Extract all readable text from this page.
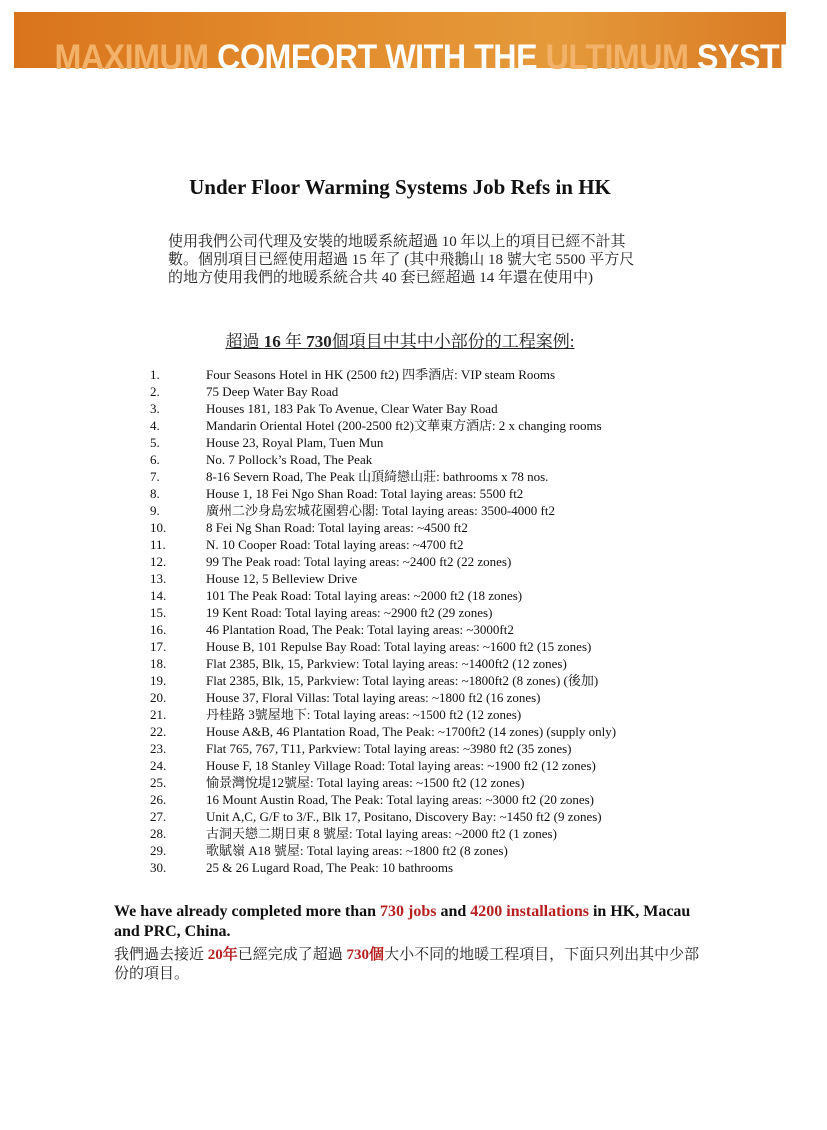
MAXIMUM COMFORT WITH THE ULTIMUM SYSTEM
Under Floor Warming Systems Job Refs in HK

使用我們公司代理及安裝的地暖系統超過 10 年以上的項目已經不計其數。個別項目已經使用超過 15 年了 (其中飛鵝山 18 號大宅 5500 平方尺的地方使用我們的地暖系統合共 40 套已經超過 14 年還在使用中)

超過 16 年 730個項目中其中小部份的工程案例:

1.	Four Seasons Hotel in HK (2500 ft2) 四季酒店: VIP steam Rooms
2.	75 Deep Water Bay Road
3.	Houses 181, 183 Pak To Avenue, Clear Water Bay Road
4.	Mandarin Oriental Hotel (200-2500 ft2)文華東方酒店: 2 x changing rooms
5.	House 23, Royal Plam, Tuen Mun
6.	No. 7 Pollock’s Road, The Peak
7.	8-16 Severn Road, The Peak 山頂綺戀山莊: bathrooms x 78 nos.
8.	House 1, 18 Fei Ngo Shan Road: Total laying areas: 5500 ft2
9.	廣州二沙身島宏城花園碧心閣: Total laying areas: 3500-4000 ft2
10.	8 Fei Ng Shan Road: Total laying areas: ~4500 ft2
11.	N. 10 Cooper Road: Total laying areas: ~4700 ft2
12.	99 The Peak road: Total laying areas: ~2400 ft2 (22 zones)
13.	House 12, 5 Belleview Drive
14.	101 The Peak Road: Total laying areas: ~2000 ft2 (18 zones)
15.	19 Kent Road: Total laying areas: ~2900 ft2 (29 zones)
16.	46 Plantation Road, The Peak: Total laying areas: ~3000ft2
17.	House B, 101 Repulse Bay Road: Total laying areas: ~1600 ft2 (15 zones)
18.	Flat 2385, Blk, 15, Parkview: Total laying areas: ~1400ft2 (12 zones)
19.	Flat 2385, Blk, 15, Parkview: Total laying areas: ~1800ft2 (8 zones) (後加)
20.	House 37, Floral Villas: Total laying areas: ~1800 ft2 (16 zones)
21.	丹桂路 3號屋地下: Total laying areas: ~1500 ft2 (12 zones)
22.	House A&B, 46 Plantation Road, The Peak: ~1700ft2 (14 zones) (supply only)
23.	Flat 765, 767, T11, Parkview: Total laying areas: ~3980 ft2 (35 zones)
24.	House F, 18 Stanley Village Road: Total laying areas: ~1900 ft2 (12 zones)
25.	愉景灣悅堤12號屋: Total laying areas: ~1500 ft2 (12 zones)
26.	16 Mount Austin Road, The Peak: Total laying areas: ~3000 ft2 (20 zones)
27.	Unit A,C, G/F to 3/F., Blk 17, Positano, Discovery Bay: ~1450 ft2 (9 zones)
28.	古洞天戀二期日東 8 號屋: Total laying areas: ~2000 ft2 (1 zones)
29.	歌賦嶺 A18 號屋: Total laying areas: ~1800 ft2 (8 zones)
30.	25 & 26 Lugard Road, The Peak: 10 bathrooms

We have already completed more than 730 jobs and 4200 installations in HK, Macau and PRC, China.

我們過去接近 20年已經完成了超過 730個大小不同的地暖工程項目，下面只列出其中少部份的項目。
